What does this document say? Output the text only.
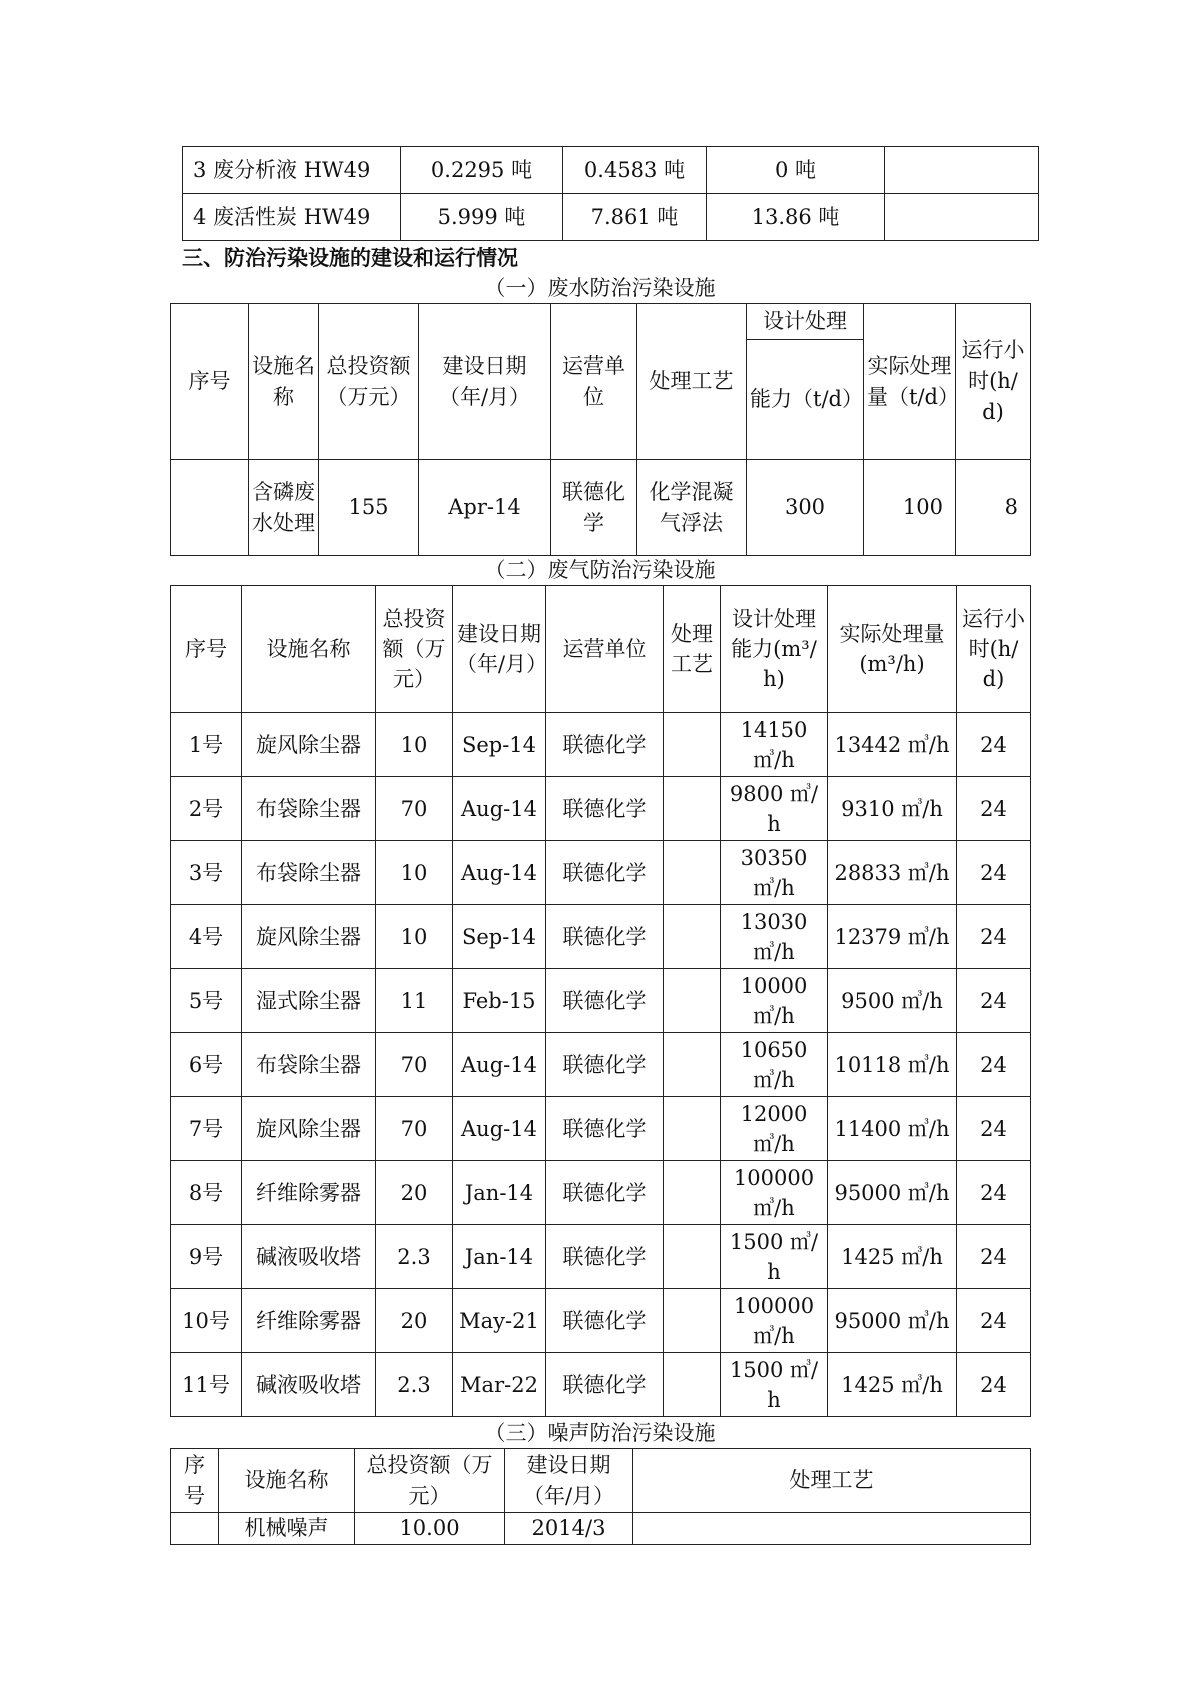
3 废分析液 HW49	0.2295 吨	0.4583 吨	0 吨	
4 废活性炭 HW49	5.999 吨	7.861 吨	13.86 吨	
三、防治污染设施的建设和运行情况
（一）废水防治污染设施
序号	设施名称	总投资额（万元）	建设日期（年/月）	运营单位	处理工艺	设计处理	实际处理量（t/d）	运行小时(h/d)
						能力（t/d）		
	含磷废水处理	155	Apr-14	联德化学	化学混凝气浮法	300	100	8
（二）废气防治污染设施
序号	设施名称	总投资额（万元）	建设日期（年/月）	运营单位	处理工艺	设计处理能力(m³/h)	实际处理量(m³/h)	运行小时(h/d)
1号	旋风除尘器	10	Sep-14	联德化学		14150 ㎥/h	13442 ㎥/h	24
2号	布袋除尘器	70	Aug-14	联德化学		9800 ㎥/h	9310 ㎥/h	24
3号	布袋除尘器	10	Aug-14	联德化学		30350 ㎥/h	28833 ㎥/h	24
4号	旋风除尘器	10	Sep-14	联德化学		13030 ㎥/h	12379 ㎥/h	24
5号	湿式除尘器	11	Feb-15	联德化学		10000 ㎥/h	9500 ㎥/h	24
6号	布袋除尘器	70	Aug-14	联德化学		10650 ㎥/h	10118 ㎥/h	24
7号	旋风除尘器	70	Aug-14	联德化学		12000 ㎥/h	11400 ㎥/h	24
8号	纤维除雾器	20	Jan-14	联德化学		100000 ㎥/h	95000 ㎥/h	24
9号	碱液吸收塔	2.3	Jan-14	联德化学		1500 ㎥/h	1425 ㎥/h	24
10号	纤维除雾器	20	May-21	联德化学		100000 ㎥/h	95000 ㎥/h	24
11号	碱液吸收塔	2.3	Mar-22	联德化学		1500 ㎥/h	1425 ㎥/h	24
（三）噪声防治污染设施
序号	设施名称	总投资额（万元）	建设日期（年/月）	处理工艺
	机械噪声	10.00	2014/3	
